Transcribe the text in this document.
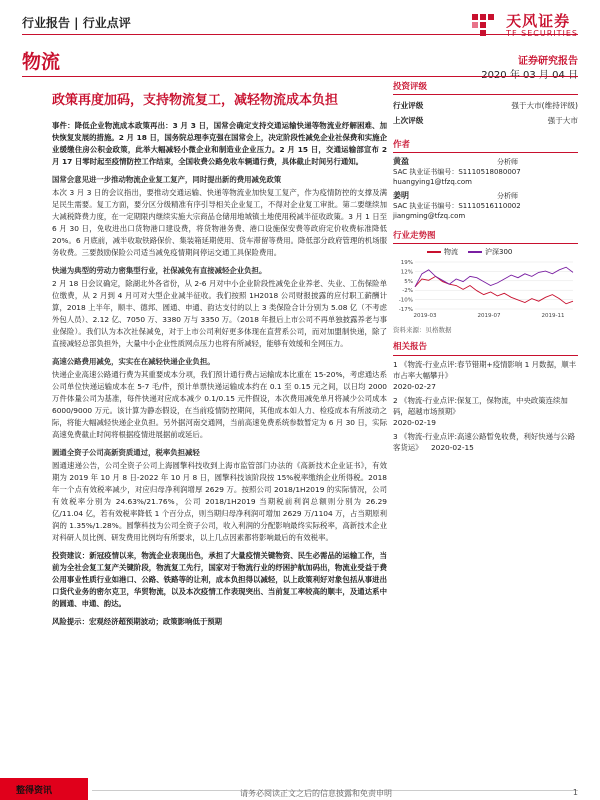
行业报告 | 行业点评	天风证券
TF SECURITIES
物流	证券研究报告
2020 年 03 月 04 日
政策再度加码，支持物流复工，减轻物流成本负担

事件：降低企业物流成本政策再出：3 月 3 日，国常会确定支持交通运输快递等物流业纾解困难、加快恢复发展的措施。2 月 18 日，国务院总理李克强在国常会上，决定阶段性减免企业社保费和实施企业缓缴住房公积金政策，此举大幅减轻小微企业和制造业企业压力。2 月 15 日，交通运输部宣布 2 月 17 日零时起至疫情防控工作结束，全国收费公路免收车辆通行费，具体截止时间另行通知。

国常会意见进一步推动物流企业复工复产，同时提出新的费用减免政策

本次 3 月 3 日的会议指出，要推动交通运输、快递等物流业加快复工复产，作为疫情防控的支撑及满足民生需要。复工方面，要分区分级精准有序引导相关企业复工，不得对企业复工审批。第二要继续加大减税降费力度，在一定期限内继续实施大宗商品仓储用地城镇土地使用税减半征收政策。3 月 1 日至 6 月 30 日，免收进出口货物港口建设费，将货物港务费、港口设施保安费等政府定价收费标准降低 20%。6 月底前，减半收取铁路保价、集装箱延期使用、货车滞留等费用。降低部分政府管理的机场服务收费。三要鼓励保险公司适当减免疫情期间停运交通工具保险费用。

快递为典型的劳动力密集型行业，社保减免有直接减轻企业负担。

2 月 18 日会议确定，除湖北外各省份，从 2-6 月对中小企业阶段性减免企业养老、失业、工伤保险单位缴费，从 2 月到 4 月可对大型企业减半征收。我们按照 1H2018 公司财报披露的应付职工薪酬计算，2018 上半年，顺丰、德邦、圆通、申通、韵达支付的以上 3 类保险合计分别为 5.08 亿（不考虑外包人员）、2.12 亿、7050 万、3380 万与 3350 万。（2018 年报后上市公司不再单独披露养老与事业保险）。我们认为本次社保减免，对于上市公司利好更多体现在直营系公司，而对加盟制快递，除了直接减轻总部负担外，大量中小企业性质网点压力也将有所减轻，能够有效缓和全网压力。

高速公路费用减免，实实在在减轻快递企业负担。

快递企业高速公路通行费为其重要成本分项，我们预计通行费占运输成本比重在 15-20%，考虑通达系公司单位快递运输成本在 5-7 毛/件，预计单票快递运输成本约在 0.1 至 0.15 元之间，以日均 2000 万件体量公司为基准，每件快递对应成本减少 0.1/0.15 元件假设，本次费用减免单月将减少公司成本 6000/9000 万元。该计算为静态假设，在当前疫情防控期间，其他成本如人力、检疫成本有所波动之际，将能大幅减轻快递企业负担。另外据河南交通网，当前高速免费系统参数暂定为 6 月 30 日，实际高速免费截止时间将根据疫情进展据前或延后。

圆通全资子公司高新资质通过，税率负担减轻

圆通速递公告，公司全资子公司上海圆擎科技收到上海市监管部门办法的《高新技术企业证书》，有效期为 2019 年 10 月 8 日-2022 年 10 月 8 日，圆擎科技该阶段按 15%税率缴纳企业所得税。2018 年一个点有效税率减少，对应归母净利润增厚 2629 万。按照公司 2018/1H2019 的实际情况，公司有效税率分别为 24.63%/21.76%，公司 2018/1H2019 当期税前利润总额则分别为 26.29 亿/11.04 亿，若有效税率降低 1 个百分点，则当期归母净利润可增加 2629 万/1104 万，占当期原利润的 1.35%/1.28%。圆擎科技为公司全资子公司，收入利润的分配影响最终实际税率，高新技术企业对科研人员比例、研发费用比例均有所要求，以上几点因素都将影响最后的有效税率。

投资建议：新冠疫情以来，物流企业表现出色，承担了大量疫情关键物资、民生必需品的运输工作，当前为全社会复工复产关键阶段，物流复工先行，国家对于物流行业的纾困护航加码出，物流业受益于费公用事业性质行业如港口、公路、铁路等的让利，成本负担得以减轻，以上政策利好对象包括从事进出口货代业务的密尔克卫，华贸物流，以及本次疫情工作表现突出、当前复工率较高的顺丰，及通达系中的圆通、申通、韵达。

风险提示：宏观经济超预期波动；政策影响低于预期

投资评级
行业评级	强于大市(维持评级)
上次评级	强于大市
作者
黄盈	分析师
SAC 执业证书编号：S1110518080007
huangying1@tfzq.com
姜明	分析师
SAC 执业证书编号：S1110516110002
jiangming@tfzq.com
行业走势图
物流	沪深300
19%
12%
5%
-2%
-10%
-17%
2019-03	2019-07	2019-11
资料来源：贝格数据
相关报告
1 《物流-行业点评:春节错期+疫情影响 1 月数据，顺丰市占率大幅攀升》
2020-02-27
2 《物流-行业点评:保复工，保物流，中央政策连续加码，超越市场预期》
2020-02-19
3 《物流-行业点评:高速公路暂免收费，利好快递与公路客货运》 2020-02-15
整得资讯	请务必阅读正文之后的信息披露和免责申明	1
